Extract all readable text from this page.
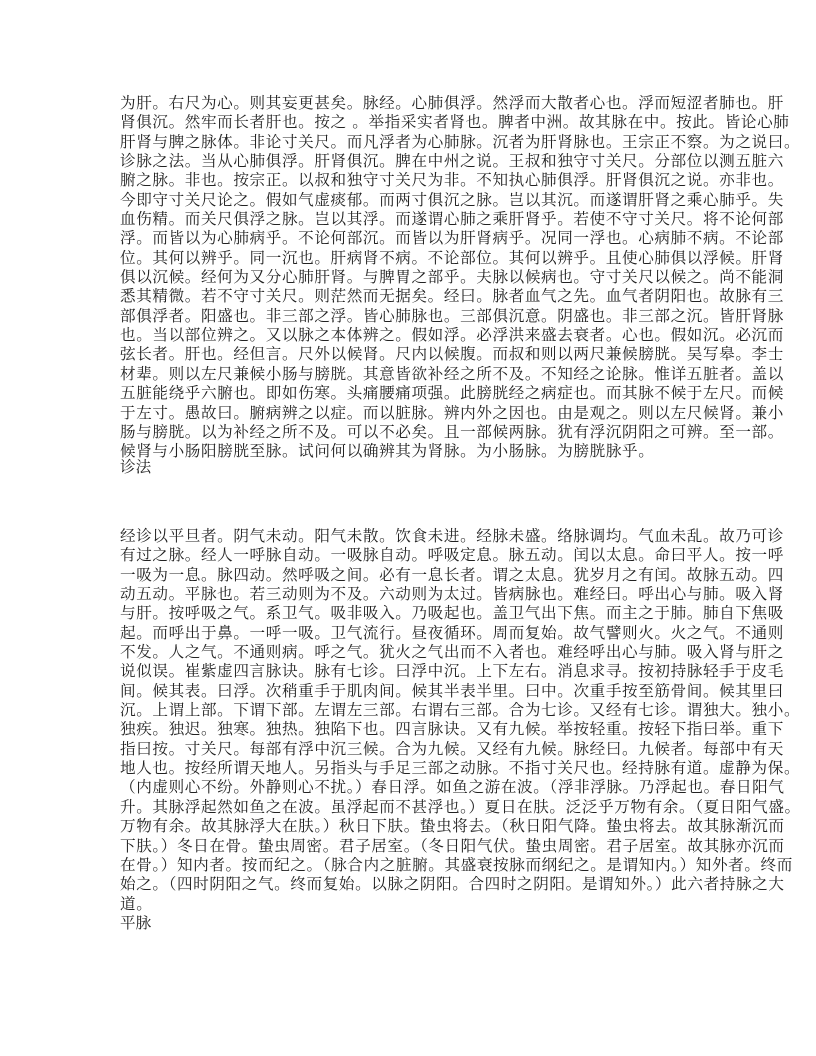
为肝。右尺为心。则其妄更甚矣。脉经。心肺俱浮。然浮而大散者心也。浮而短涩者肺也。肝
肾俱沉。然牢而长者肝也。按之 。举指采实者肾也。脾者中洲。故其脉在中。按此。皆论心肺
肝肾与脾之脉体。非论寸关尺。而凡浮者为心肺脉。沉者为肝肾脉也。王宗正不察。为之说曰。
诊脉之法。当从心肺俱浮。肝肾俱沉。脾在中州之说。王叔和独守寸关尺。分部位以测五脏六
腑之脉。非也。按宗正。以叔和独守寸关尺为非。不知执心肺俱浮。肝肾俱沉之说。亦非也。
今即守寸关尺论之。假如气虚痰郁。而两寸俱沉之脉。岂以其沉。而遂谓肝肾之乘心肺乎。失
血伤精。而关尺俱浮之脉。岂以其浮。而遂谓心肺之乘肝肾乎。若使不守寸关尺。将不论何部
浮。而皆以为心肺病乎。不论何部沉。而皆以为肝肾病乎。况同一浮也。心病肺不病。不论部
位。其何以辨乎。同一沉也。肝病肾不病。不论部位。其何以辨乎。且使心肺俱以浮候。肝肾
俱以沉候。经何为又分心肺肝肾。与脾胃之部乎。夫脉以候病也。守寸关尺以候之。尚不能洞
悉其精微。若不守寸关尺。则茫然而无据矣。经曰。脉者血气之先。血气者阴阳也。故脉有三
部俱浮者。阳盛也。非三部之浮。皆心肺脉也。三部俱沉意。阴盛也。非三部之沉。皆肝肾脉
也。当以部位辨之。又以脉之本体辨之。假如浮。必浮洪来盛去衰者。心也。假如沉。必沉而
弦长者。肝也。经但言。尺外以候肾。尺内以候腹。而叔和则以两尺兼候膀胱。吴写皋。李士
材辈。则以左尺兼候小肠与膀胱。其意皆欲补经之所不及。不知经之论脉。惟详五脏者。盖以
五脏能绕乎六腑也。即如伤寒。头痛腰痛项强。此膀胱经之病症也。而其脉不候于左尺。而候
于左寸。愚故曰。腑病辨之以症。而以脏脉。辨内外之因也。由是观之。则以左尺候肾。兼小
肠与膀胱。以为补经之所不及。可以不必矣。且一部候两脉。犹有浮沉阴阳之可辨。至一部。
候肾与小肠阳膀胱至脉。试问何以确辨其为肾脉。为小肠脉。为膀胱脉乎。
诊法
经诊以平旦者。阴气未动。阳气未散。饮食未进。经脉未盛。络脉调均。气血未乱。故乃可诊
有过之脉。经人一呼脉自动。一吸脉自动。呼吸定息。脉五动。闰以太息。命曰平人。按一呼
一吸为一息。脉四动。然呼吸之间。必有一息长者。谓之太息。犹岁月之有闰。故脉五动。四
动五动。平脉也。若三动则为不及。六动则为太过。皆病脉也。难经曰。呼出心与肺。吸入肾
与肝。按呼吸之气。系卫气。吸非吸入。乃吸起也。盖卫气出下焦。而主之于肺。肺自下焦吸
起。而呼出于鼻。一呼一吸。卫气流行。昼夜循环。周而复始。故气譬则火。火之气。不通则
不发。人之气。不通则病。呼之气。犹火之气出而不入者也。难经呼出心与肺。吸入肾与肝之
说似误。崔紫虚四言脉诀。脉有七诊。曰浮中沉。上下左右。消息求寻。按初持脉轻手于皮毛
间。候其表。曰浮。次稍重手于肌肉间。候其半表半里。曰中。次重手按至筋骨间。候其里曰
沉。上谓上部。下谓下部。左谓左三部。右谓右三部。合为七诊。又经有七诊。谓独大。独小。
独疾。独迟。独寒。独热。独陷下也。四言脉诀。又有九候。举按轻重。按轻下指曰举。重下
指曰按。寸关尺。每部有浮中沉三候。合为九候。又经有九候。脉经曰。九候者。每部中有天
地人也。按经所谓天地人。另指头与手足三部之动脉。不指寸关尺也。经持脉有道。虚静为保。
（内虚则心不纷。外静则心不扰。）春日浮。如鱼之游在波。（浮非浮脉。乃浮起也。春日阳气
升。其脉浮起然如鱼之在波。虽浮起而不甚浮也。）夏日在肤。泛泛乎万物有余。（夏日阳气盛。
万物有余。故其脉浮大在肤。）秋日下肤。蛰虫将去。（秋日阳气降。蛰虫将去。故其脉渐沉而
下肤。）冬日在骨。蛰虫周密。君子居室。（冬日阳气伏。蛰虫周密。君子居室。故其脉亦沉而
在骨。）知内者。按而纪之。（脉合内之脏腑。其盛衰按脉而纲纪之。是谓知内。）知外者。终而
始之。（四时阴阳之气。终而复始。以脉之阴阳。合四时之阴阳。是谓知外。）此六者持脉之大
道。
平脉
